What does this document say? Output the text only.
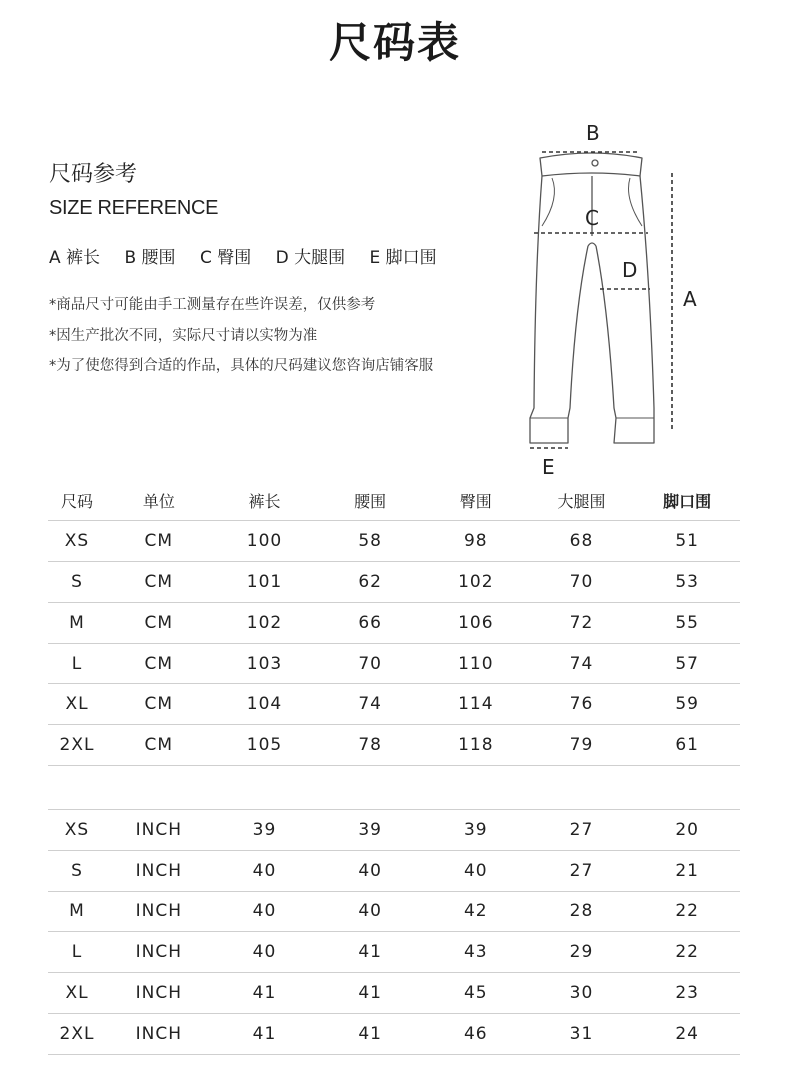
尺码表
尺码参考
SIZE REFERENCE
A 裤长 B 腰围 C 臀围 D 大腿围 E 脚口围

*商品尺寸可能由手工测量存在些许误差，仅供参考

*因生产批次不同，实际尺寸请以实物为准

*为了使您得到合适的作品，具体的尺码建议您咨询店铺客服

B
C
D
A
E
尺码	单位	裤长	腰围	臀围	大腿围	脚口围
XS	CM	100	58	98	68	51
S	CM	101	62	102	70	53
M	CM	102	66	106	72	55
L	CM	103	70	110	74	57
XL	CM	104	74	114	76	59
2XL	CM	105	78	118	79	61
XS	INCH	39	39	39	27	20
S	INCH	40	40	40	27	21
M	INCH	40	40	42	28	22
L	INCH	40	41	43	29	22
XL	INCH	41	41	45	30	23
2XL	INCH	41	41	46	31	24
